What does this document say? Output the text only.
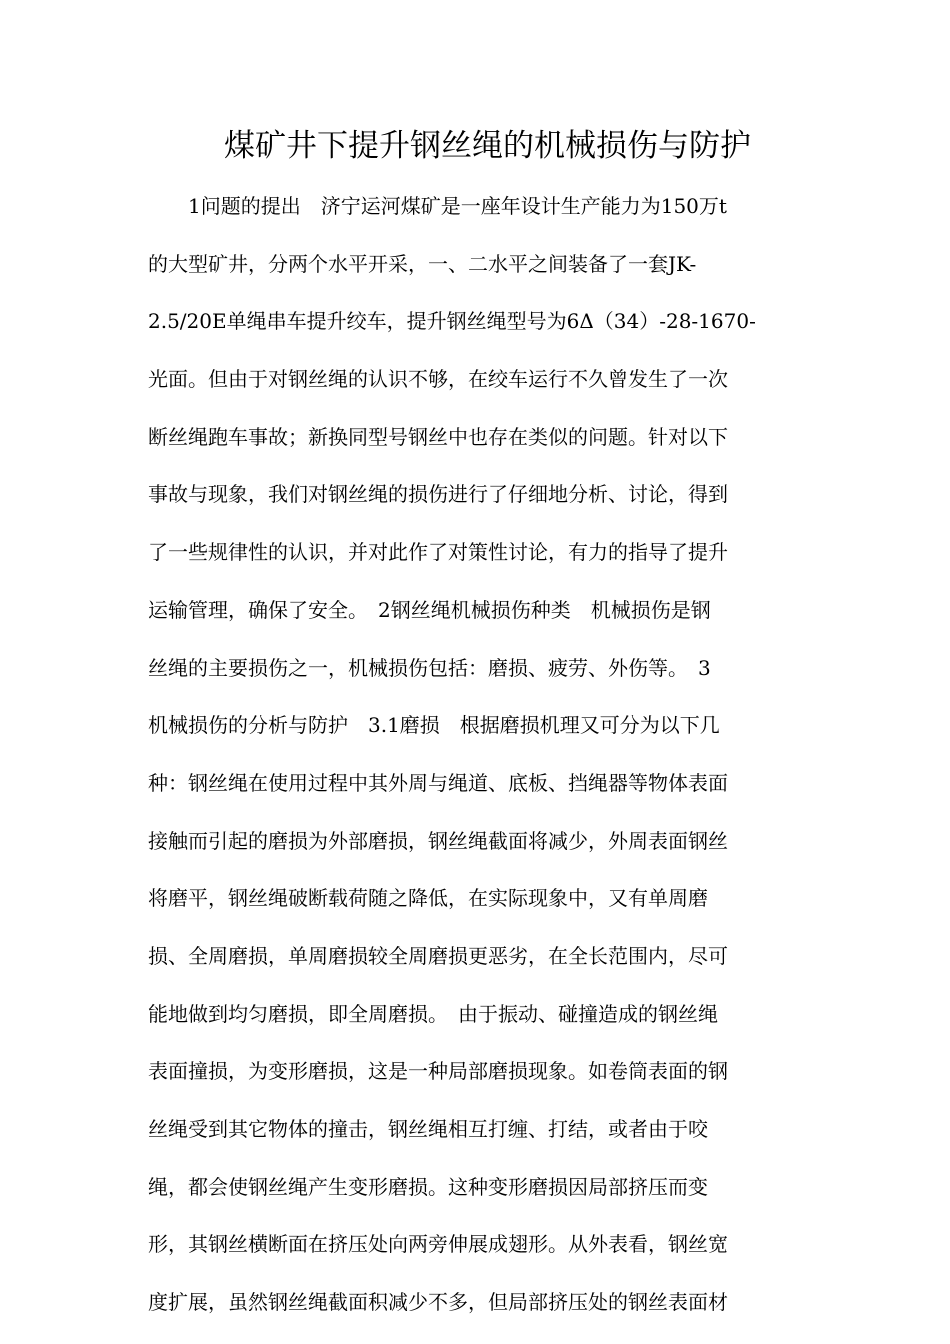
煤矿井下提升钢丝绳的机械损伤与防护
　　1问题的提出　济宁运河煤矿是一座年设计生产能力为150万t
的大型矿井，分两个水平开采，一、二水平之间装备了一套JK-
2.5/20E单绳串车提升绞车，提升钢丝绳型号为6Δ（34）-28-1670-
光面。但由于对钢丝绳的认识不够，在绞车运行不久曾发生了一次
断丝绳跑车事故；新换同型号钢丝中也存在类似的问题。针对以下
事故与现象，我们对钢丝绳的损伤进行了仔细地分析、讨论，得到
了一些规律性的认识，并对此作了对策性讨论，有力的指导了提升
运输管理，确保了安全。　2钢丝绳机械损伤种类　机械损伤是钢
丝绳的主要损伤之一，机械损伤包括：磨损、疲劳、外伤等。　3
机械损伤的分析与防护　3.1磨损　根据磨损机理又可分为以下几
种：钢丝绳在使用过程中其外周与绳道、底板、挡绳器等物体表面
接触而引起的磨损为外部磨损，钢丝绳截面将减少，外周表面钢丝
将磨平，钢丝绳破断载荷随之降低，在实际现象中，又有单周磨
损、全周磨损，单周磨损较全周磨损更恶劣，在全长范围内，尽可
能地做到均匀磨损，即全周磨损。　由于振动、碰撞造成的钢丝绳
表面撞损，为变形磨损，这是一种局部磨损现象。如卷筒表面的钢
丝绳受到其它物体的撞击，钢丝绳相互打缠、打结，或者由于咬
绳，都会使钢丝绳产生变形磨损。这种变形磨损因局部挤压而变
形，其钢丝横断面在挤压处向两旁伸展成翅形。从外表看，钢丝宽
度扩展，虽然钢丝绳截面积减少不多，但局部挤压处的钢丝表面材
